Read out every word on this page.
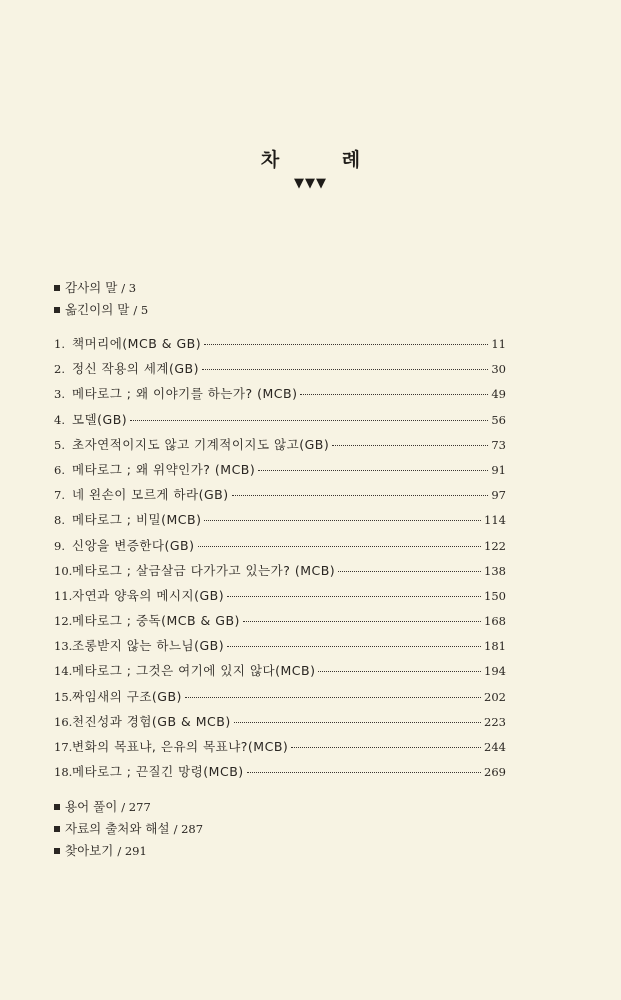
차 례
▼▼▼
감사의 말 / 3
옮긴이의 말 / 5
1. 책머리에(MCB & GB)	11
2. 정신 작용의 세계(GB)	30
3. 메타로그 ; 왜 이야기를 하는가? (MCB)	49
4. 모델(GB)	56
5. 초자연적이지도 않고 기계적이지도 않고(GB)	73
6. 메타로그 ; 왜 위약인가? (MCB)	91
7. 네 왼손이 모르게 하라(GB)	97
8. 메타로그 ; 비밀(MCB)	114
9. 신앙을 변증한다(GB)	122
10. 메타로그 ; 살금살금 다가가고 있는가? (MCB)	138
11. 자연과 양육의 메시지(GB)	150
12. 메타로그 ; 중독(MCB & GB)	168
13. 조롱받지 않는 하느님(GB)	181
14. 메타로그 ; 그것은 여기에 있지 않다(MCB)	194
15. 짜임새의 구조(GB)	202
16. 천진성과 경험(GB & MCB)	223
17. 변화의 목표냐, 은유의 목표냐?(MCB)	244
18. 메타로그 ; 끈질긴 망령(MCB)	269
용어 풀이 / 277
자료의 출처와 해설 / 287
찾아보기 / 291
